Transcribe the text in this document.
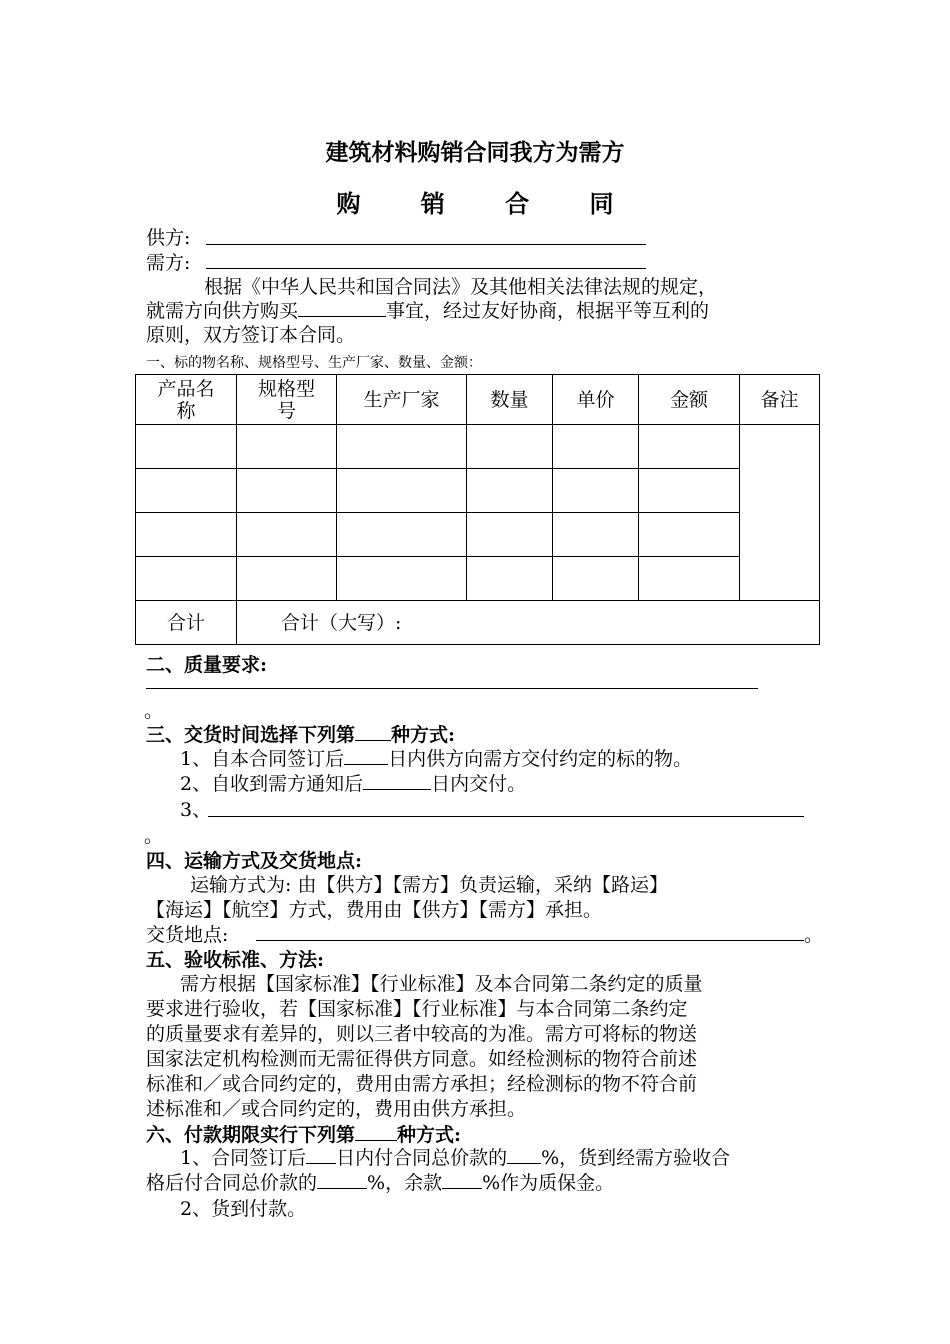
建筑材料购销合同我方为需方
购 销 合 同
供方:
需方:
根据《中华人民共和国合同法》及其他相关法律法规的规定，
就需方向供方购买	事宜，经过友好协商，根据平等互利的
原则，双方签订本合同。
一、标的物名称、规格型号、生产厂家、数量、金额：
产品名称	规格型号	生产厂家	数量	单价	金额	备注

合计	合计（大写）:					
二、质量要求:
。
三、交货时间选择下列第 种方式:
1、自本合同签订后 日内供方向需方交付约定的标的物。
2、自收到需方通知后	日内交付。
3、
。
四、运输方式及交货地点:
运输方式为: 由【供方】【需方】负责运输，采纳【路运】
【海运】【航空】方式，费用由【供方】【需方】承担。
交货地点:	。
五、验收标准、方法:
需方根据【国家标准】【行业标准】及本合同第二条约定的质量
要求进行验收，若【国家标准】【行业标准】与本合同第二条约定
的质量要求有差异的，则以三者中较高的为准。需方可将标的物送
国家法定机构检测而无需征得供方同意。如经检测标的物符合前述
标准和／或合同约定的，费用由需方承担；经检测标的物不符合前
述标准和／或合同约定的，费用由供方承担。
六、付款期限实行下列第 种方式:
1、合同签订后 日内付合同总价款的 %，货到经需方验收合
格后付合同总价款的	%，余款 %作为质保金。
2、货到付款。
